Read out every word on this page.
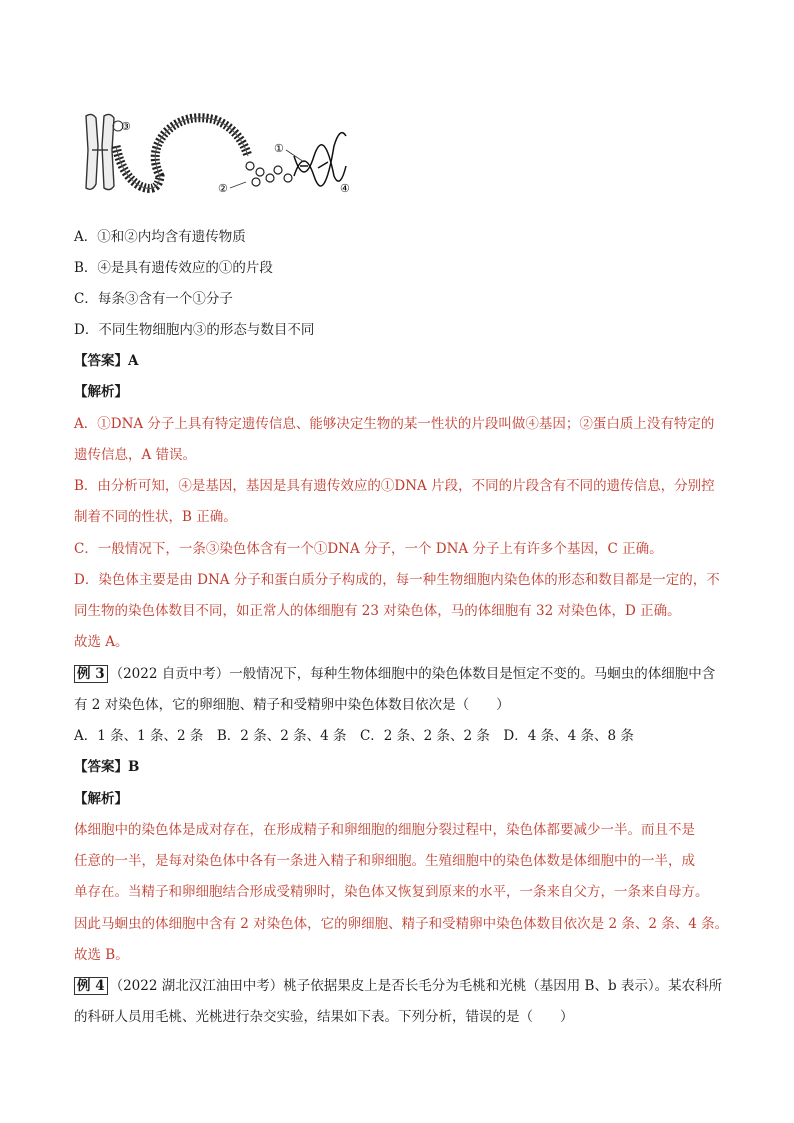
③
②
①
④
A．①和②内均含有遗传物质
B．④是具有遗传效应的①的片段
C．每条③含有一个①分子
D．不同生物细胞内③的形态与数目不同
【答案】A
【解析】
A．①DNA 分子上具有特定遗传信息、能够决定生物的某一性状的片段叫做④基因；②蛋白质上没有特定的
遗传信息，A 错误。
B．由分析可知，④是基因，基因是具有遗传效应的①DNA 片段，不同的片段含有不同的遗传信息，分别控
制着不同的性状，B 正确。
C．一般情况下，一条③染色体含有一个①DNA 分子，一个 DNA 分子上有许多个基因，C 正确。
D．染色体主要是由 DNA 分子和蛋白质分子构成的，每一种生物细胞内染色体的形态和数目都是一定的，不
同生物的染色体数目不同，如正常人的体细胞有 23 对染色体，马的体细胞有 32 对染色体，D 正确。
故选 A。
例 3 （2022 自贡中考）一般情况下，每种生物体细胞中的染色体数目是恒定不变的。马蛔虫的体细胞中含
有 2 对染色体，它的卵细胞、精子和受精卵中染色体数目依次是（　　）
A．1 条、1 条、2 条　B．2 条、2 条、4 条　C．2 条、2 条、2 条　D．4 条、4 条、8 条
【答案】B
【解析】
体细胞中的染色体是成对存在，在形成精子和卵细胞的细胞分裂过程中，染色体都要减少一半。而且不是
任意的一半，是每对染色体中各有一条进入精子和卵细胞。生殖细胞中的染色体数是体细胞中的一半，成
单存在。当精子和卵细胞结合形成受精卵时，染色体又恢复到原来的水平，一条来自父方，一条来自母方。
因此马蛔虫的体细胞中含有 2 对染色体，它的卵细胞、精子和受精卵中染色体数目依次是 2 条、2 条、4 条。
故选 B。
例 4 （2022 湖北汉江油田中考）桃子依据果皮上是否长毛分为毛桃和光桃（基因用 B、b 表示）。某农科所
的科研人员用毛桃、光桃进行杂交实验，结果如下表。下列分析，错误的是（　　）
